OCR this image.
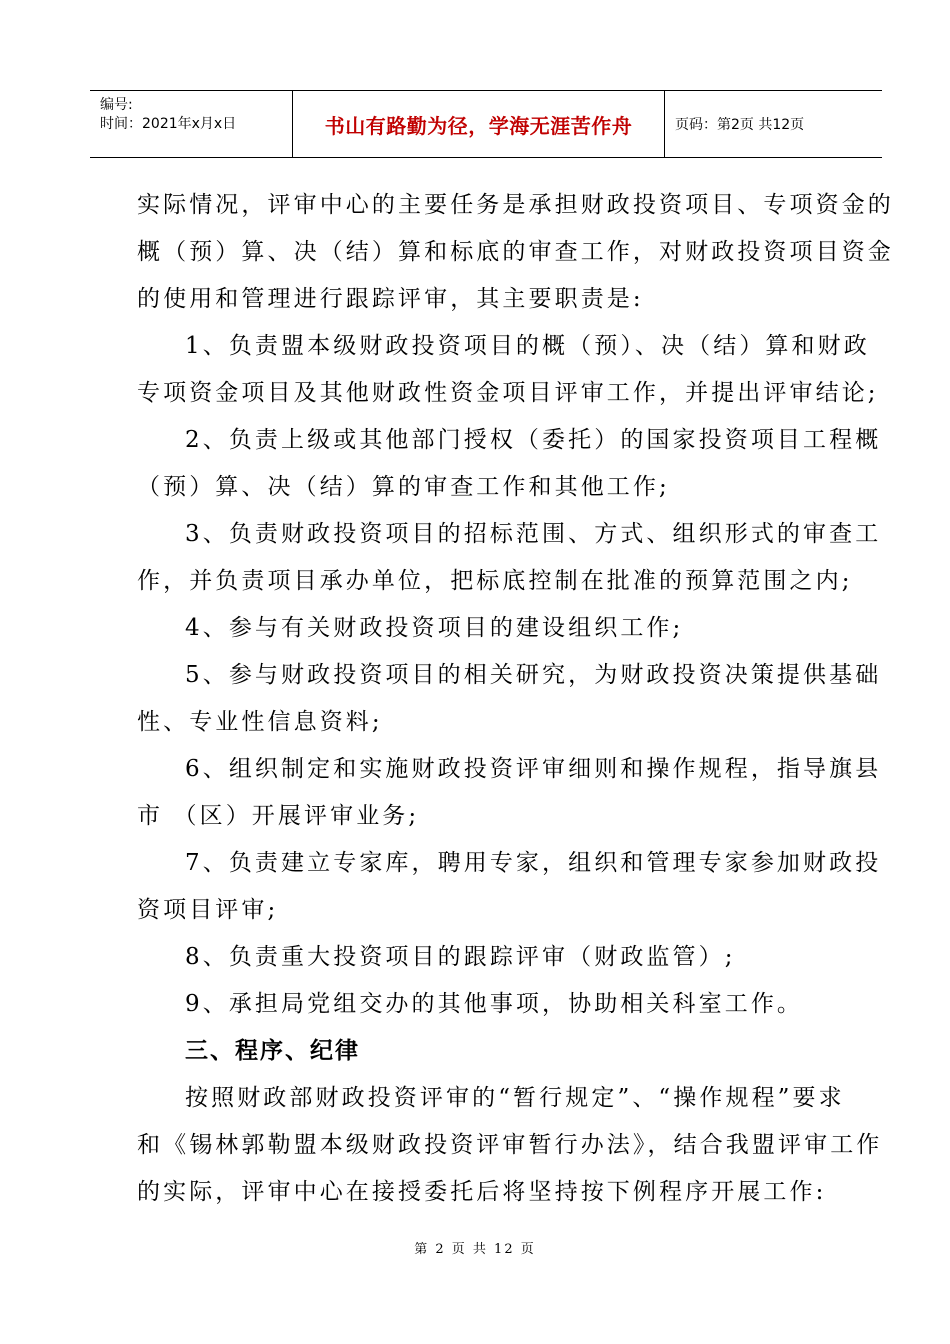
编号:
时间：2021年x月x日	书山有路勤为径，学海无涯苦作舟	页码：第2页 共12页

实际情况，评审中心的主要任务是承担财政投资项目、专项资金的

概（预）算、决（结）算和标底的审查工作，对财政投资项目资金

的使用和管理进行跟踪评审，其主要职责是:

1、负责盟本级财政投资项目的概（预）、决（结）算和财政

专项资金项目及其他财政性资金项目评审工作，并提出评审结论;

2、负责上级或其他部门授权（委托）的国家投资项目工程概

（预）算、决（结）算的审查工作和其他工作;

3、负责财政投资项目的招标范围、方式、组织形式的审查工

作，并负责项目承办单位，把标底控制在批准的预算范围之内;

4、参与有关财政投资项目的建设组织工作;

5、参与财政投资项目的相关研究，为财政投资决策提供基础

性、专业性信息资料;

6、组织制定和实施财政投资评审细则和操作规程，指导旗县

市 （区）开展评审业务;

7、负责建立专家库，聘用专家，组织和管理专家参加财政投

资项目评审;

8、负责重大投资项目的跟踪评审（财政监管）;

9、承担局党组交办的其他事项，协助相关科室工作。

三、程序、纪律

按照财政部财政投资评审的“暂行规定”、“操作规程”要求

和《锡林郭勒盟本级财政投资评审暂行办法》，结合我盟评审工作

的实际，评审中心在接授委托后将坚持按下例程序开展工作:

第 2 页 共 12 页
